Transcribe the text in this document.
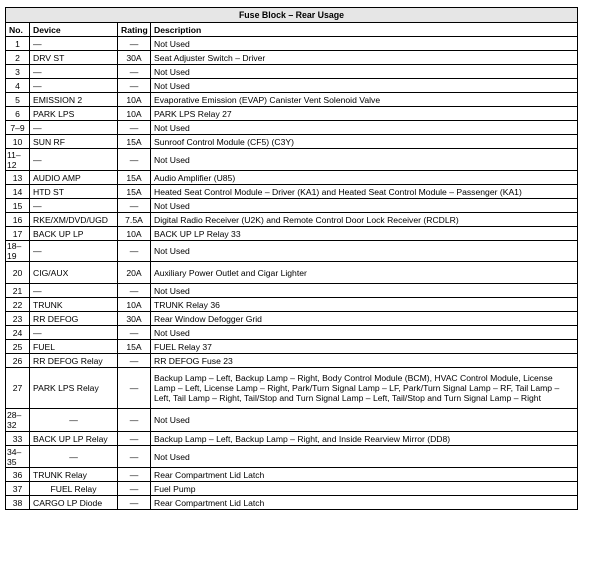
Fuse Block – Rear Usage			
No.	Device	Rating	Description
1	—	—	Not Used
2	DRV ST	30A	Seat Adjuster Switch – Driver
3	—	—	Not Used
4	—	—	Not Used
5	EMISSION 2	10A	Evaporative Emission (EVAP) Canister Vent Solenoid Valve
6	PARK LPS	10A	PARK LPS Relay 27
7–9	—	—	Not Used
10	SUN RF	15A	Sunroof Control Module (CF5) (C3Y)
11–12	—	—	Not Used
13	AUDIO AMP	15A	Audio Amplifier (U85)
14	HTD ST	15A	Heated Seat Control Module – Driver (KA1) and Heated Seat Control Module – Passenger (KA1)
15	—	—	Not Used
16	RKE/XM/DVD/UGD	7.5A	Digital Radio Receiver (U2K) and Remote Control Door Lock Receiver (RCDLR)
17	BACK UP LP	10A	BACK UP LP Relay 33
18–19	—	—	Not Used
20	CIG/AUX	20A	Auxiliary Power Outlet and Cigar Lighter
21	—	—	Not Used
22	TRUNK	10A	TRUNK Relay 36
23	RR DEFOG	30A	Rear Window Defogger Grid
24	—	—	Not Used
25	FUEL	15A	FUEL Relay 37
26	RR DEFOG Relay	—	RR DEFOG Fuse 23
27	PARK LPS Relay	—	Backup Lamp – Left, Backup Lamp – Right, Body Control Module (BCM), HVAC Control Module, License Lamp – Left, License Lamp – Right, Park/Turn Signal Lamp – LF, Park/Turn Signal Lamp – RF, Tail Lamp – Left, Tail Lamp – Right, Tail/Stop and Turn Signal Lamp – Left, Tail/Stop and Turn Signal Lamp – Right
28–32	—	—	Not Used
33	BACK UP LP Relay	—	Backup Lamp – Left, Backup Lamp – Right, and Inside Rearview Mirror (DD8)
34–35	—	—	Not Used
36	TRUNK Relay	—	Rear Compartment Lid Latch
37	FUEL Relay	—	Fuel Pump
38	CARGO LP Diode	—	Rear Compartment Lid Latch
